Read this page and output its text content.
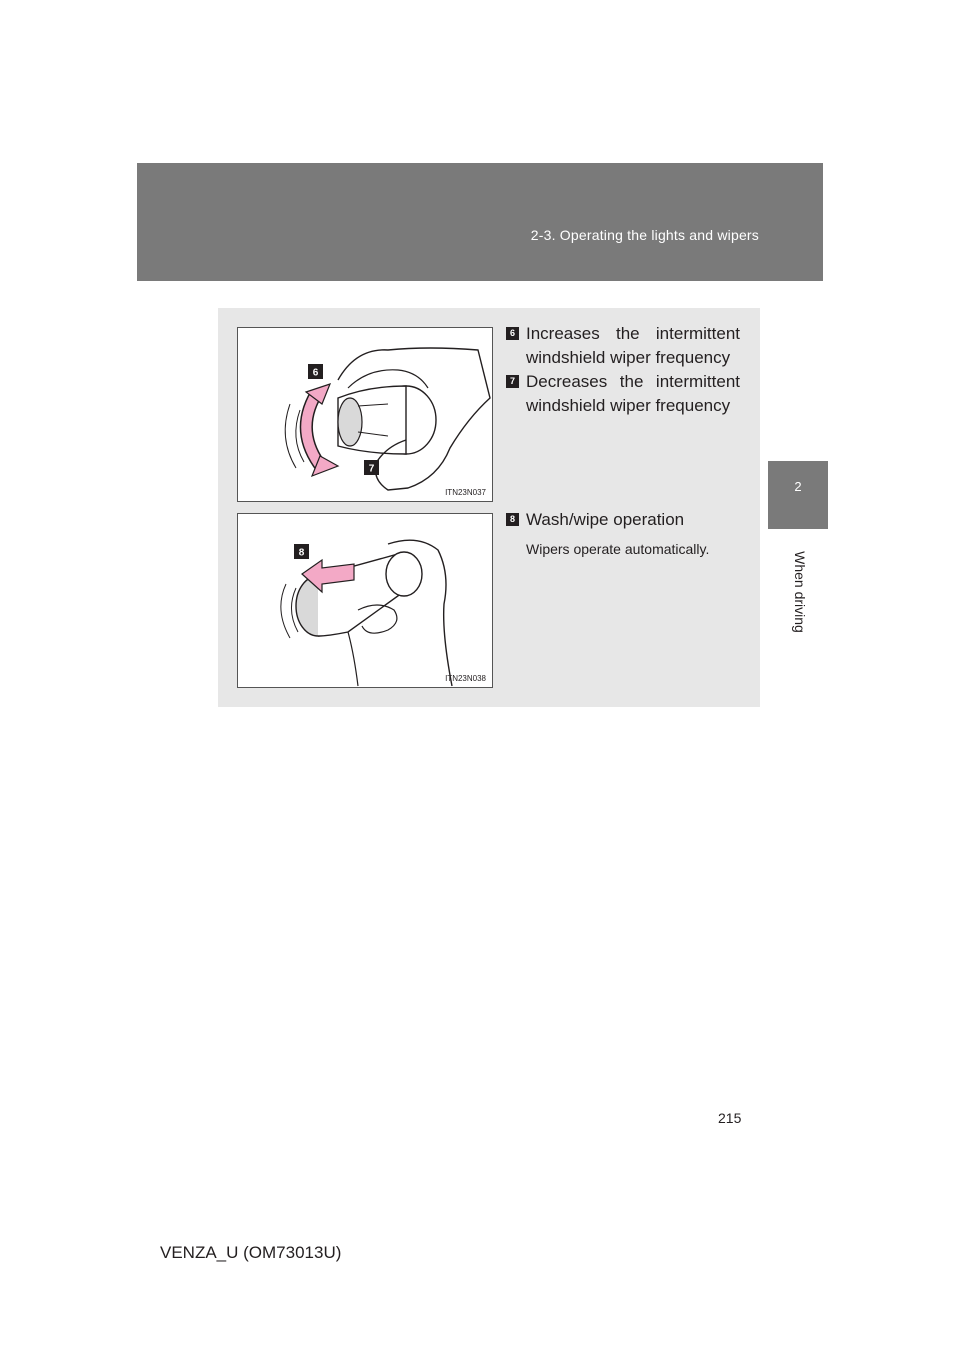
2-3. Operating the lights and wipers
2
When driving
6
7
ITN23N037
8
ITN23N038
6 Increases the intermittent windshield wiper frequency
7 Decreases the intermittent windshield wiper frequency
8 Wash/wipe operation
Wipers operate automatically.
215
VENZA_U (OM73013U)
